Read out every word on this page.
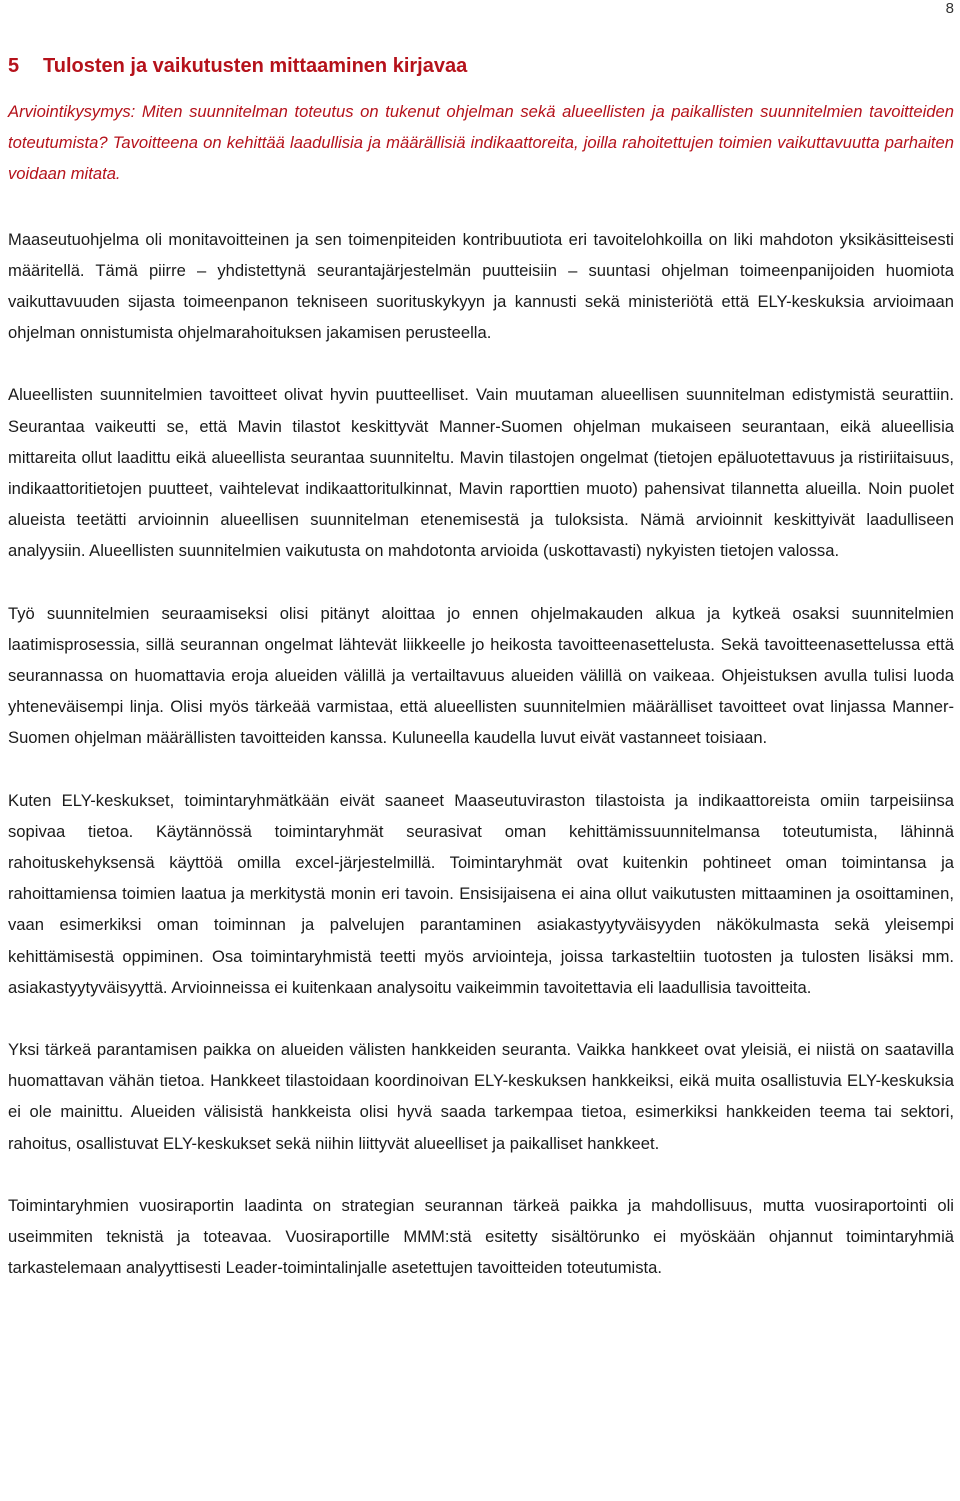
8
5	Tulosten ja vaikutusten mittaaminen kirjavaa

Arviointikysymys: Miten suunnitelman toteutus on tukenut ohjelman sekä alueellisten ja paikallisten suunnitelmien tavoitteiden toteutumista? Tavoitteena on kehittää laadullisia ja määrällisiä indikaattoreita, joilla rahoitettujen toimien vaikuttavuutta parhaiten voidaan mitata.

Maaseutuohjelma oli monitavoitteinen ja sen toimenpiteiden kontribuutiota eri tavoitelohkoilla on liki mahdoton yksikäsitteisesti määritellä. Tämä piirre – yhdistettynä seurantajärjestelmän puutteisiin – suuntasi ohjelman toimeenpanijoiden huomiota vaikuttavuuden sijasta toimeenpanon tekniseen suorituskykyyn ja kannusti sekä ministeriötä että ELY-keskuksia arvioimaan ohjelman onnistumista ohjelmarahoituksen jakamisen perusteella.

Alueellisten suunnitelmien tavoitteet olivat hyvin puutteelliset. Vain muutaman alueellisen suunnitelman edistymistä seurattiin. Seurantaa vaikeutti se, että Mavin tilastot keskittyvät Manner-Suomen ohjelman mukaiseen seurantaan, eikä alueellisia mittareita ollut laadittu eikä alueellista seurantaa suunniteltu. Mavin tilastojen ongelmat (tietojen epäluotettavuus ja ristiriitaisuus, indikaattoritietojen puutteet, vaihtelevat indikaattoritulkinnat, Mavin raporttien muoto) pahensivat tilannetta alueilla. Noin puolet alueista teetätti arvioinnin alueellisen suunnitelman etenemisestä ja tuloksista. Nämä arvioinnit keskittyivät laadulliseen analyysiin. Alueellisten suunnitelmien vaikutusta on mahdotonta arvioida (uskottavasti) nykyisten tietojen valossa.

Työ suunnitelmien seuraamiseksi olisi pitänyt aloittaa jo ennen ohjelmakauden alkua ja kytkeä osaksi suunnitelmien laatimisprosessia, sillä seurannan ongelmat lähtevät liikkeelle jo heikosta tavoitteenasettelusta. Sekä tavoitteenasettelussa että seurannassa on huomattavia eroja alueiden välillä ja vertailtavuus alueiden välillä on vaikeaa. Ohjeistuksen avulla tulisi luoda yhteneväisempi linja. Olisi myös tärkeää varmistaa, että alueellisten suunnitelmien määrälliset tavoitteet ovat linjassa Manner-Suomen ohjelman määrällisten tavoitteiden kanssa. Kuluneella kaudella luvut eivät vastanneet toisiaan.

Kuten ELY-keskukset, toimintaryhmätkään eivät saaneet Maaseutuviraston tilastoista ja indikaattoreista omiin tarpeisiinsa sopivaa tietoa. Käytännössä toimintaryhmät seurasivat oman kehittämissuunnitelmansa toteutumista, lähinnä rahoituskehyksensä käyttöä omilla excel-järjestelmillä. Toimintaryhmät ovat kuitenkin pohtineet oman toimintansa ja rahoittamiensa toimien laatua ja merkitystä monin eri tavoin. Ensisijaisena ei aina ollut vaikutusten mittaaminen ja osoittaminen, vaan esimerkiksi oman toiminnan ja palvelujen parantaminen asiakastyytyväisyyden näkökulmasta sekä yleisempi kehittämisestä oppiminen. Osa toimintaryhmistä teetti myös arviointeja, joissa tarkasteltiin tuotosten ja tulosten lisäksi mm. asiakastyytyväisyyttä. Arvioinneissa ei kuitenkaan analysoitu vaikeimmin tavoitettavia eli laadullisia tavoitteita.

Yksi tärkeä parantamisen paikka on alueiden välisten hankkeiden seuranta. Vaikka hankkeet ovat yleisiä, ei niistä on saatavilla huomattavan vähän tietoa. Hankkeet tilastoidaan koordinoivan ELY-keskuksen hankkeiksi, eikä muita osallistuvia ELY-keskuksia ei ole mainittu. Alueiden välisistä hankkeista olisi hyvä saada tarkempaa tietoa, esimerkiksi hankkeiden teema tai sektori, rahoitus, osallistuvat ELY-keskukset sekä niihin liittyvät alueelliset ja paikalliset hankkeet.

Toimintaryhmien vuosiraportin laadinta on strategian seurannan tärkeä paikka ja mahdollisuus, mutta vuosiraportointi oli useimmiten teknistä ja toteavaa. Vuosiraportille MMM:stä esitetty sisältörunko ei myöskään ohjannut toimintaryhmiä tarkastelemaan analyyttisesti Leader-toimintalinjalle asetettujen tavoitteiden toteutumista.
